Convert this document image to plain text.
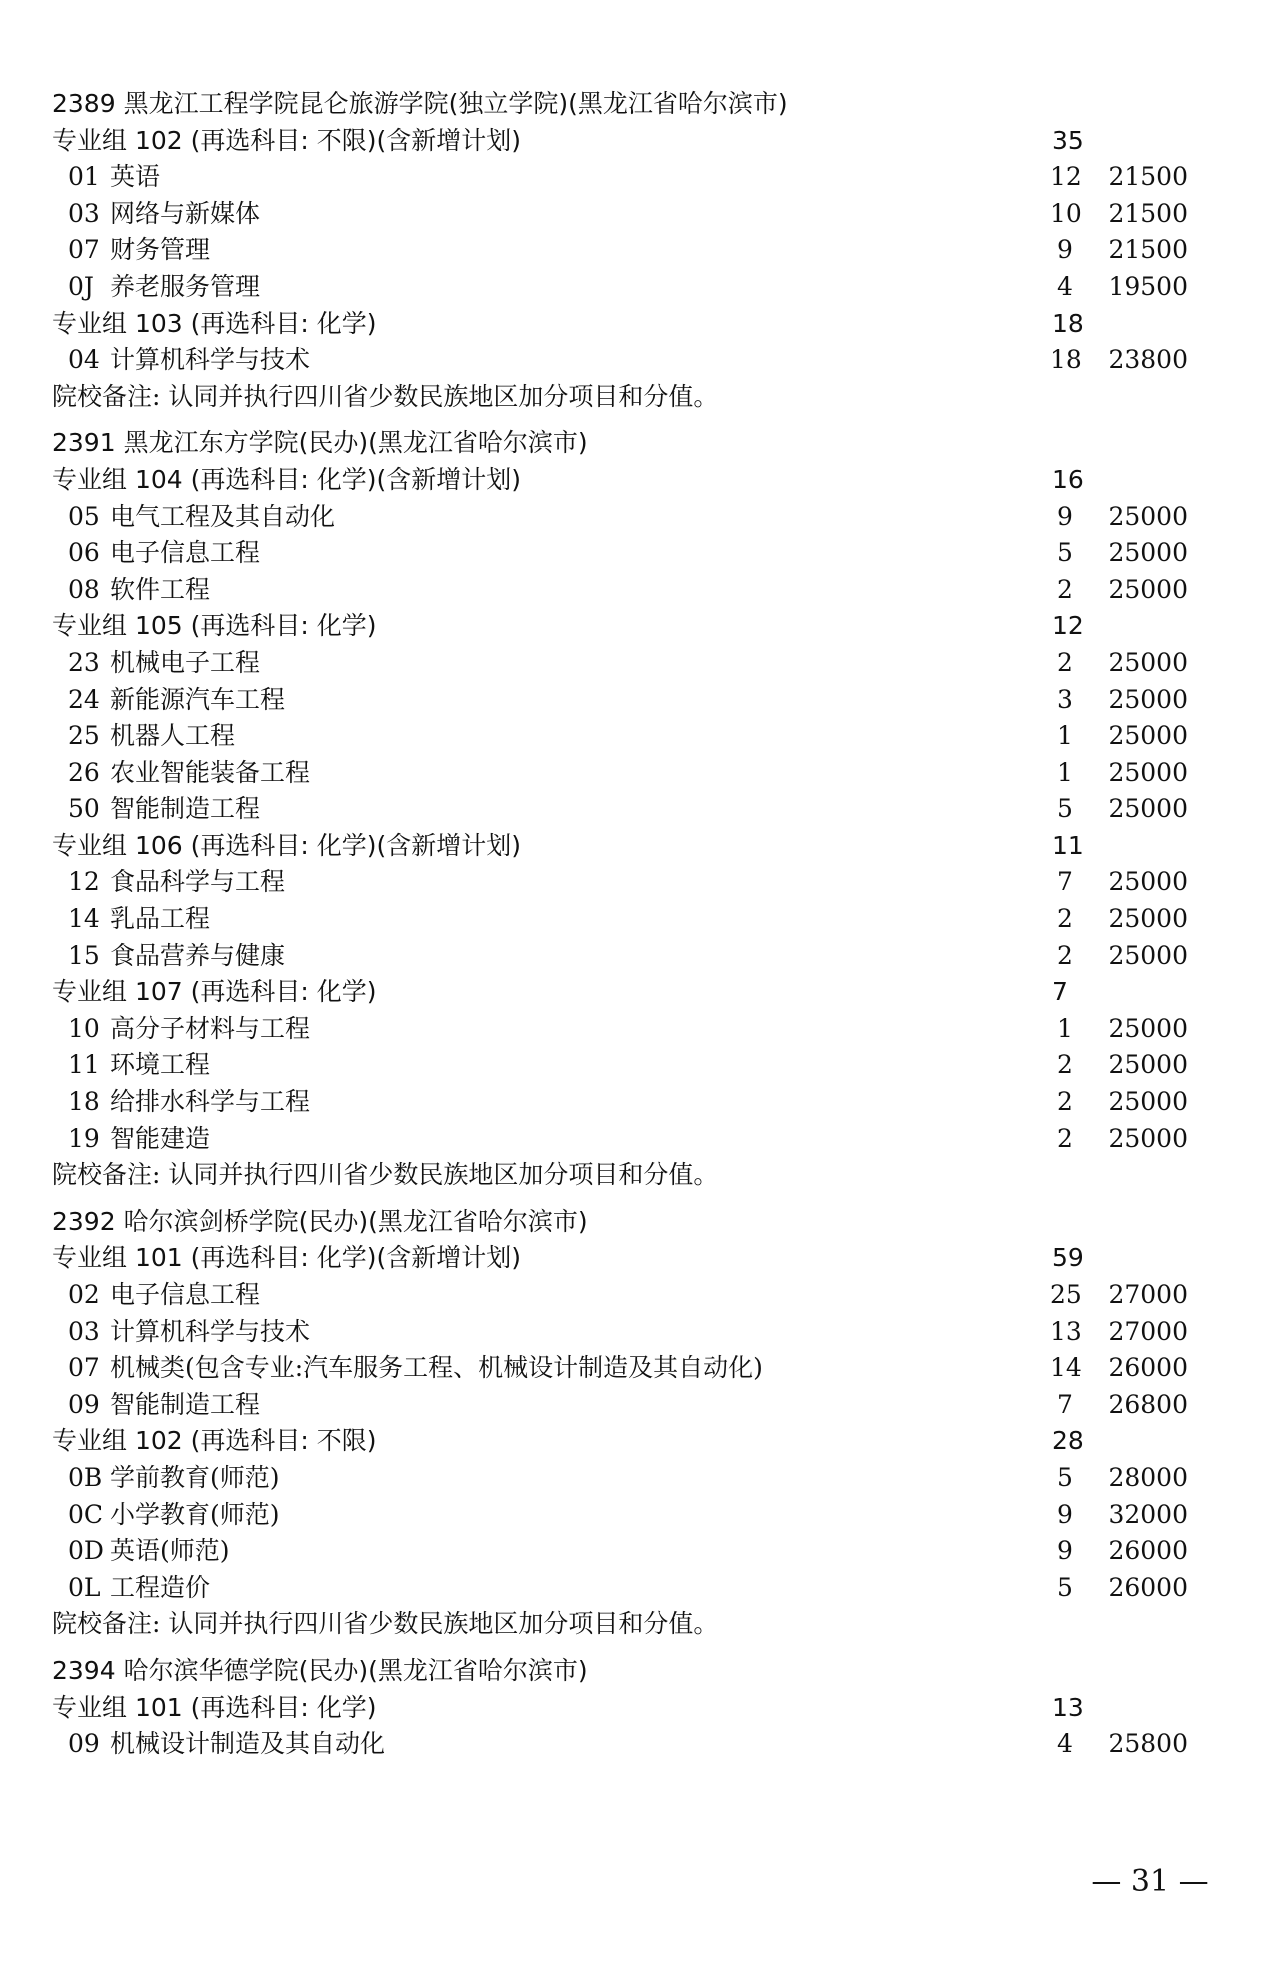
2389 黑龙江工程学院昆仑旅游学院(独立学院)(黑龙江省哈尔滨市)
专业组 102 (再选科目: 不限)(含新增计划)	35
01 英语	12	21500
03 网络与新媒体	10	21500
07 财务管理	9	21500
0J 养老服务管理	4	19500
专业组 103 (再选科目: 化学)	18
04 计算机科学与技术	18	23800
院校备注: 认同并执行四川省少数民族地区加分项目和分值。
2391 黑龙江东方学院(民办)(黑龙江省哈尔滨市)
专业组 104 (再选科目: 化学)(含新增计划)	16
05 电气工程及其自动化	9	25000
06 电子信息工程	5	25000
08 软件工程	2	25000
专业组 105 (再选科目: 化学)	12
23 机械电子工程	2	25000
24 新能源汽车工程	3	25000
25 机器人工程	1	25000
26 农业智能装备工程	1	25000
50 智能制造工程	5	25000
专业组 106 (再选科目: 化学)(含新增计划)	11
12 食品科学与工程	7	25000
14 乳品工程	2	25000
15 食品营养与健康	2	25000
专业组 107 (再选科目: 化学)	7
10 高分子材料与工程	1	25000
11 环境工程	2	25000
18 给排水科学与工程	2	25000
19 智能建造	2	25000
院校备注: 认同并执行四川省少数民族地区加分项目和分值。
2392 哈尔滨剑桥学院(民办)(黑龙江省哈尔滨市)
专业组 101 (再选科目: 化学)(含新增计划)	59
02 电子信息工程	25	27000
03 计算机科学与技术	13	27000
07 机械类(包含专业:汽车服务工程、机械设计制造及其自动化)	14	26000
09 智能制造工程	7	26800
专业组 102 (再选科目: 不限)	28
0B 学前教育(师范)	5	28000
0C 小学教育(师范)	9	32000
0D 英语(师范)	9	26000
0L 工程造价	5	26000
院校备注: 认同并执行四川省少数民族地区加分项目和分值。
2394 哈尔滨华德学院(民办)(黑龙江省哈尔滨市)
专业组 101 (再选科目: 化学)	13
09 机械设计制造及其自动化	4	25800
— 31 —
